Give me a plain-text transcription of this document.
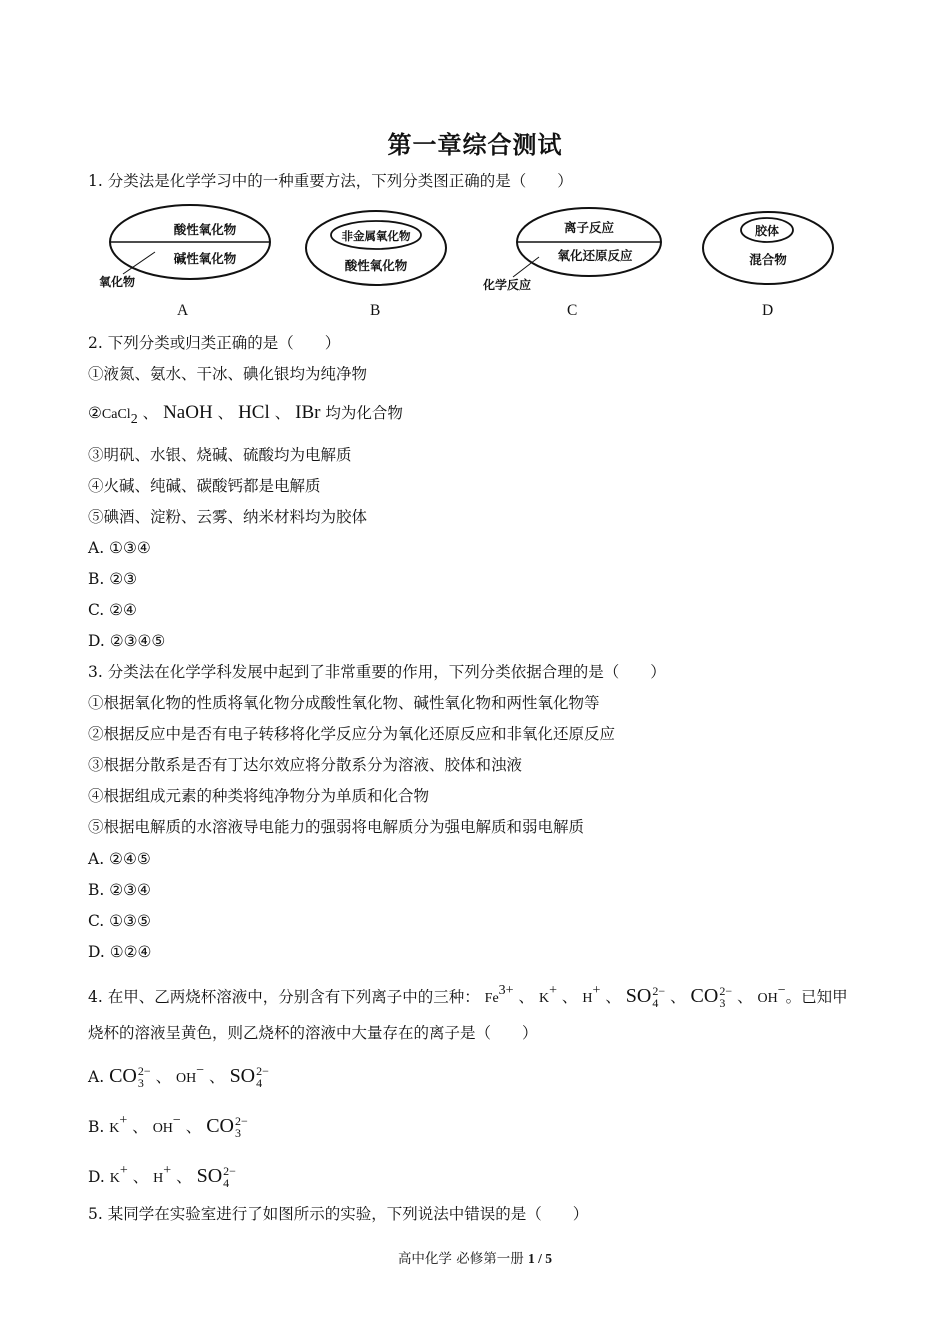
第一章综合测试
1. 分类法是化学学习中的一种重要方法，下列分类图正确的是（　　）
酸性氧化物
碱性氧化物
氧化物
非金属氧化物
酸性氧化物
离子反应
氧化还原反应
化学反应
胶体
混合物
A	B	C	D
2. 下列分类或归类正确的是（　　）
①液氮、氨水、干冰、碘化银均为纯净物
②CaCl$_2$ 、 NaOH 、 HCl 、 IBr 均为化合物
③明矾、水银、烧碱、硫酸均为电解质
④火碱、纯碱、碳酸钙都是电解质
⑤碘酒、淀粉、云雾、纳米材料均为胶体
A. ①③④
B. ②③
C. ②④
D. ②③④⑤
3. 分类法在化学学科发展中起到了非常重要的作用，下列分类依据合理的是（　　）
①根据氧化物的性质将氧化物分成酸性氧化物、碱性氧化物和两性氧化物等
②根据反应中是否有电子转移将化学反应分为氧化还原反应和非氧化还原反应
③根据分散系是否有丁达尔效应将分散系分为溶液、胶体和浊液
④根据组成元素的种类将纯净物分为单质和化合物
⑤根据电解质的水溶液导电能力的强弱将电解质分为强电解质和弱电解质
A. ②④⑤
B. ②③④
C. ①③⑤
D. ①②④
4. 在甲、乙两烧杯溶液中，分别含有下列离子中的三种： $Fe^{3+}$ 、 K+ 、 H+ 、 SO 2−
4 、 CO 2−
3 、 OH−。已知甲
烧杯的溶液呈黄色，则乙烧杯的溶液中大量存在的离子是（　　）
A. CO 2−
3 、 OH− 、 SO 2−
4
B. K+ 、 OH− 、 CO 2−
3
D. K+ 、 H+ 、 SO 2−
4
5. 某同学在实验室进行了如图所示的实验，下列说法中错误的是（　　）
高中化学 必修第一册 1 / 5
